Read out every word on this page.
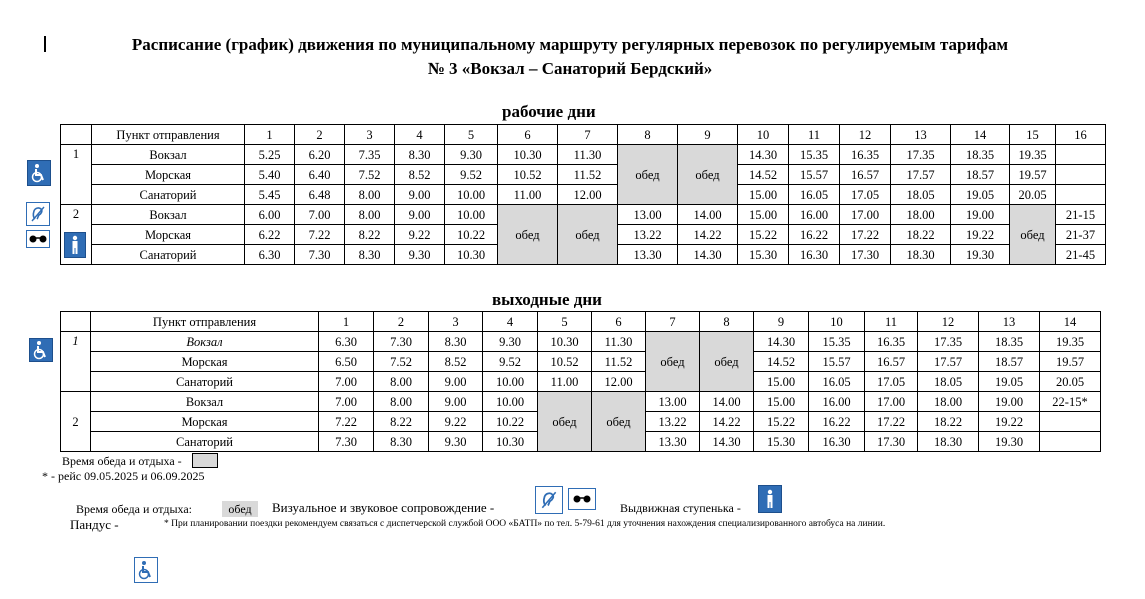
Расписание (график) движения по муниципальному маршруту регулярных перевозок по регулируемым тарифам
№ 3 «Вокзал – Санаторий Бердский»
рабочие дни
	Пункт отправления	1	2	3	4	5	6	7	8	9	10	11	12	13	14	15	16
1	Вокзал	5.25	6.20	7.35	8.30	9.30	10.30	11.30	обед	обед	14.30	15.35	16.35	17.35	18.35	19.35	
	Морская	5.40	6.40	7.52	8.52	9.52	10.52	11.52			14.52	15.57	16.57	17.57	18.57	19.57	
	Санаторий	5.45	6.48	8.00	9.00	10.00	11.00	12.00			15.00	16.05	17.05	18.05	19.05	20.05	
2	Вокзал	6.00	7.00	8.00	9.00	10.00	обед	обед	13.00	14.00	15.00	16.00	17.00	18.00	19.00	обед	21-15
	Морская	6.22	7.22	8.22	9.22	10.22			13.22	14.22	15.22	16.22	17.22	18.22	19.22		21-37
	Санаторий	6.30	7.30	8.30	9.30	10.30			13.30	14.30	15.30	16.30	17.30	18.30	19.30		21-45
выходные дни
	Пункт отправления	1	2	3	4	5	6	7	8	9	10	11	12	13	14
1	Вокзал	6.30	7.30	8.30	9.30	10.30	11.30	обед	обед	14.30	15.35	16.35	17.35	18.35	19.35
	Морская	6.50	7.52	8.52	9.52	10.52	11.52			14.52	15.57	16.57	17.57	18.57	19.57
	Санаторий	7.00	8.00	9.00	10.00	11.00	12.00			15.00	16.05	17.05	18.05	19.05	20.05
2	Вокзал	7.00	8.00	9.00	10.00	обед	обед	13.00	14.00	15.00	16.00	17.00	18.00	19.00	22-15*
	Морская	7.22	8.22	9.22	10.22			13.22	14.22	15.22	16.22	17.22	18.22	19.22	
	Санаторий	7.30	8.30	9.30	10.30			13.30	14.30	15.30	16.30	17.30	18.30	19.30	
Время обеда и отдыха -
* - рейс 09.05.2025 и 06.09.2025
Время обеда и отдыха:	обед	Визуальное и звуковое сопровождение -	Выдвижная ступенька -
Пандус -	* При планировании поездки рекомендуем связаться с диспетчерской службой ООО «БАТП» по тел. 5-79-61 для уточнения нахождения специализированного автобуса на линии.
